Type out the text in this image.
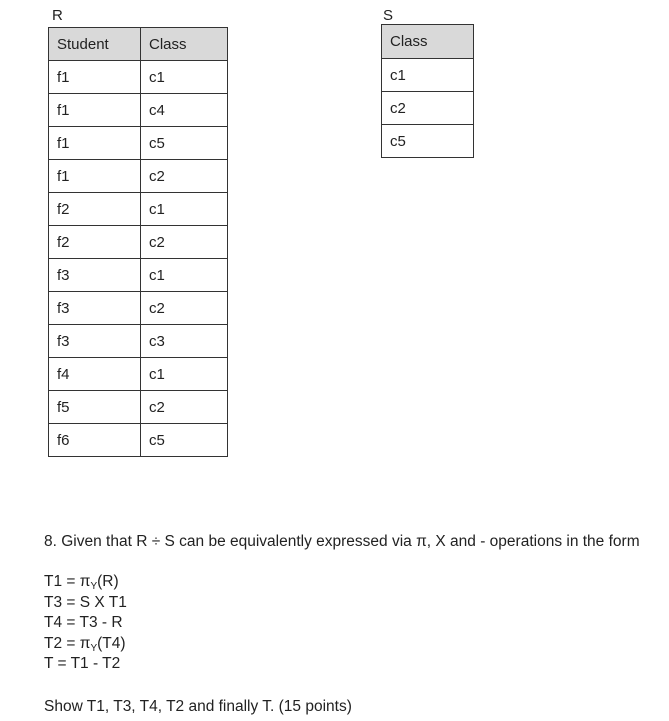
R
Student	Class
f1	c1
f1	c4
f1	c5
f1	c2
f2	c1
f2	c2
f3	c1
f3	c2
f3	c3
f4	c1
f5	c2
f6	c5
S
Class
c1
c2
c5
8. Given that R ÷ S can be equivalently expressed via π, X and - operations in the form
$T1 = \pi_Y(R)$
T3 = S X T1
T4 = T3 - R
$T2 = \pi_Y(T4)$
T = T1 - T2
Show T1, T3, T4, T2 and finally T. (15 points)
